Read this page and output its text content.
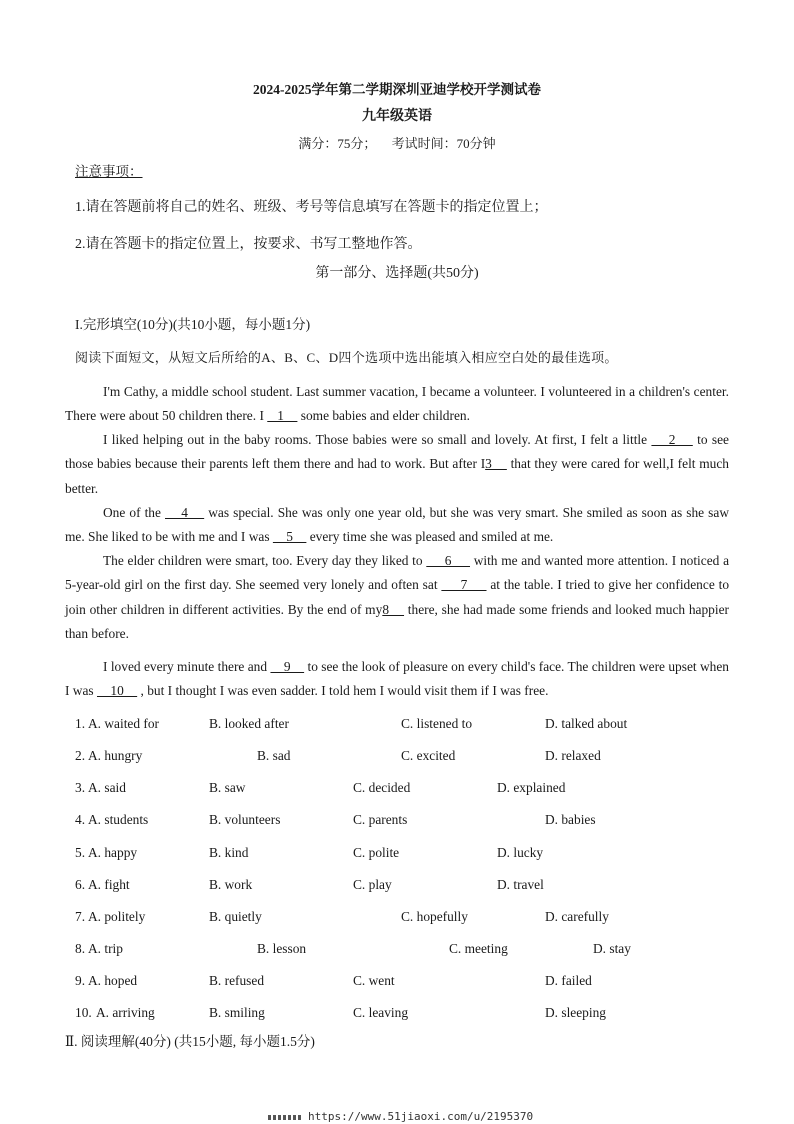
2024-2025学年第二学期深圳亚迪学校开学测试卷
九年级英语
满分：75分； 考试时间：70分钟
注意事项：
1.请在答题前将自己的姓名、班级、考号等信息填写在答题卡的指定位置上；
2.请在答题卡的指定位置上，按要求、书写工整地作答。
第一部分、选择题(共50分)
I.完形填空(10分)(共10小题，每小题1分)
阅读下面短文，从短文后所给的A、B、C、D四个选项中选出能填入相应空白处的最佳选项。

I'm Cathy, a middle school student. Last summer vacation, I became a volunteer. I volunteered in a children's center. There were about 50 children there. I    1     some babies and elder children.

I liked helping out in the baby rooms. Those babies were so small and lovely. At first, I felt a little     2     to see those babies because their parents left them there and had to work. But after I3     that they were cared for well,I felt much better.

One of the     4     was special. She was only one year old, but she was very smart. She smiled as soon as she saw me. She liked to be with me and I was     5     every time she was pleased and smiled at me.

The elder children were smart, too. Every day they liked to      6      with me and wanted more attention. I noticed a 5-year-old girl on the first day. She seemed very lonely and often sat      7      at the table. I tried to give her confidence to join other children in different activities. By the end of my8     there, she had made some friends and looked much happier than before.

I loved every minute there and     9     to see the look of pleasure on every child's face. The children were upset when I was     10     , but I thought I was even sadder. I told hem I would visit them if I was free.

1. A. waited for	B. looked after	C. listened to	D. talked about
2. A. hungry	B. sad	C. excited	D. relaxed
3. A. said	B. saw	C. decided	D. explained
4. A. students	B. volunteers	C. parents	D. babies
5. A. happy	B. kind	C. polite	D. lucky
6. A. fight	B. work	C. play	D. travel
7. A. politely	B. quietly	C. hopefully	D. carefully
8. A. trip	B. lesson	C. meeting	D. stay
9. A. hoped	B. refused	C. went	D. failed
10. A. arriving	B. smiling	C. leaving	D. sleeping
Ⅱ. 阅读理解(40分) (共15小题, 每小题1.5分)
https://www.51jiaoxi.com/u/2195370
